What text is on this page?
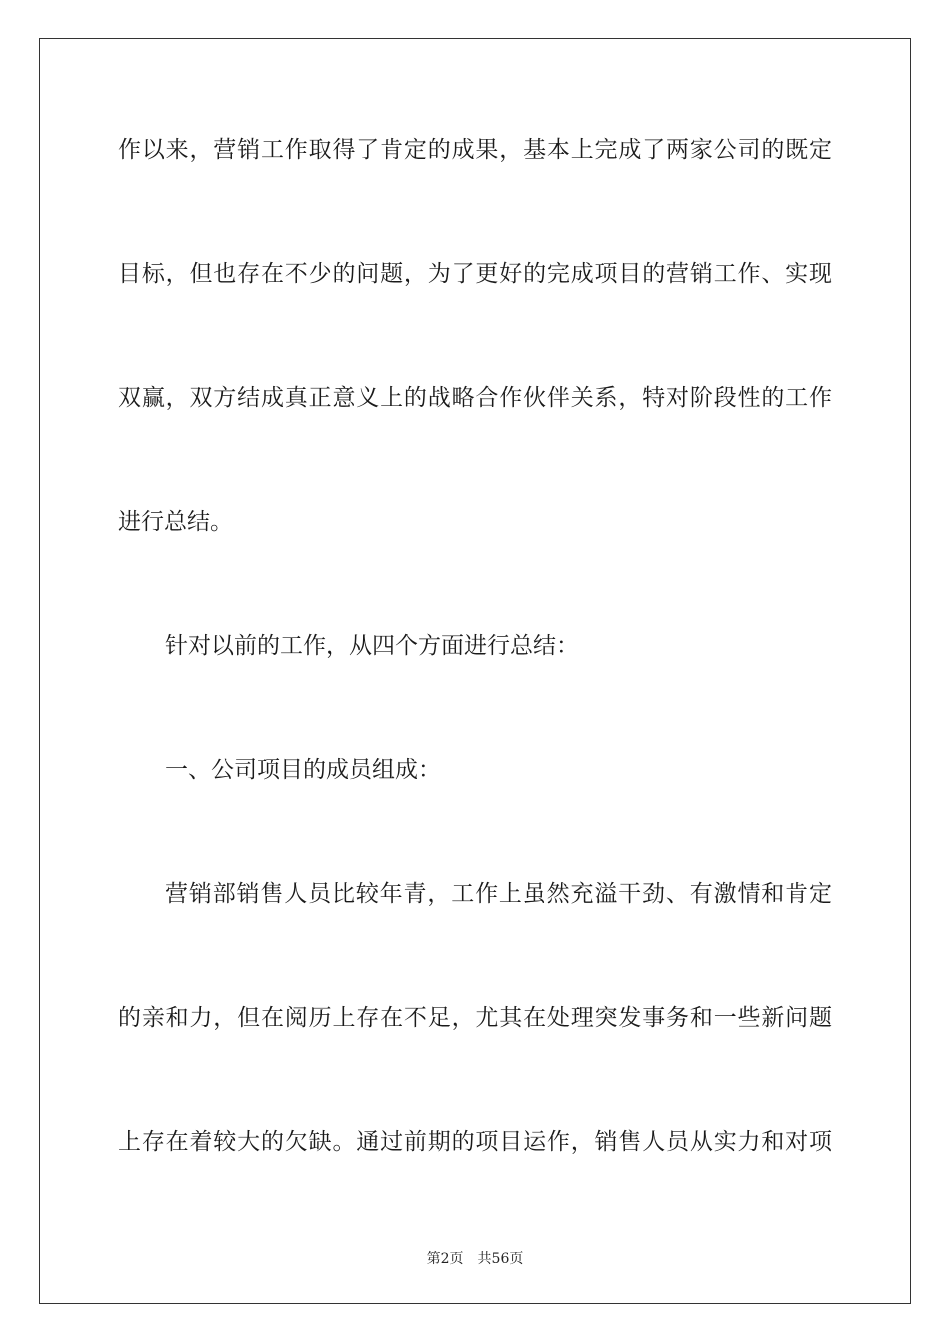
作以来，营销工作取得了肯定的成果，基本上完成了两家公司的既定
目标，但也存在不少的问题，为了更好的完成项目的营销工作、实现
双赢，双方结成真正意义上的战略合作伙伴关系，特对阶段性的工作
进行总结。
针对以前的工作，从四个方面进行总结：
一、公司项目的成员组成：
营销部销售人员比较年青，工作上虽然充溢干劲、有激情和肯定
的亲和力，但在阅历上存在不足，尤其在处理突发事务和一些新问题
上存在着较大的欠缺。通过前期的项目运作，销售人员从实力和对项
第2页 共56页
